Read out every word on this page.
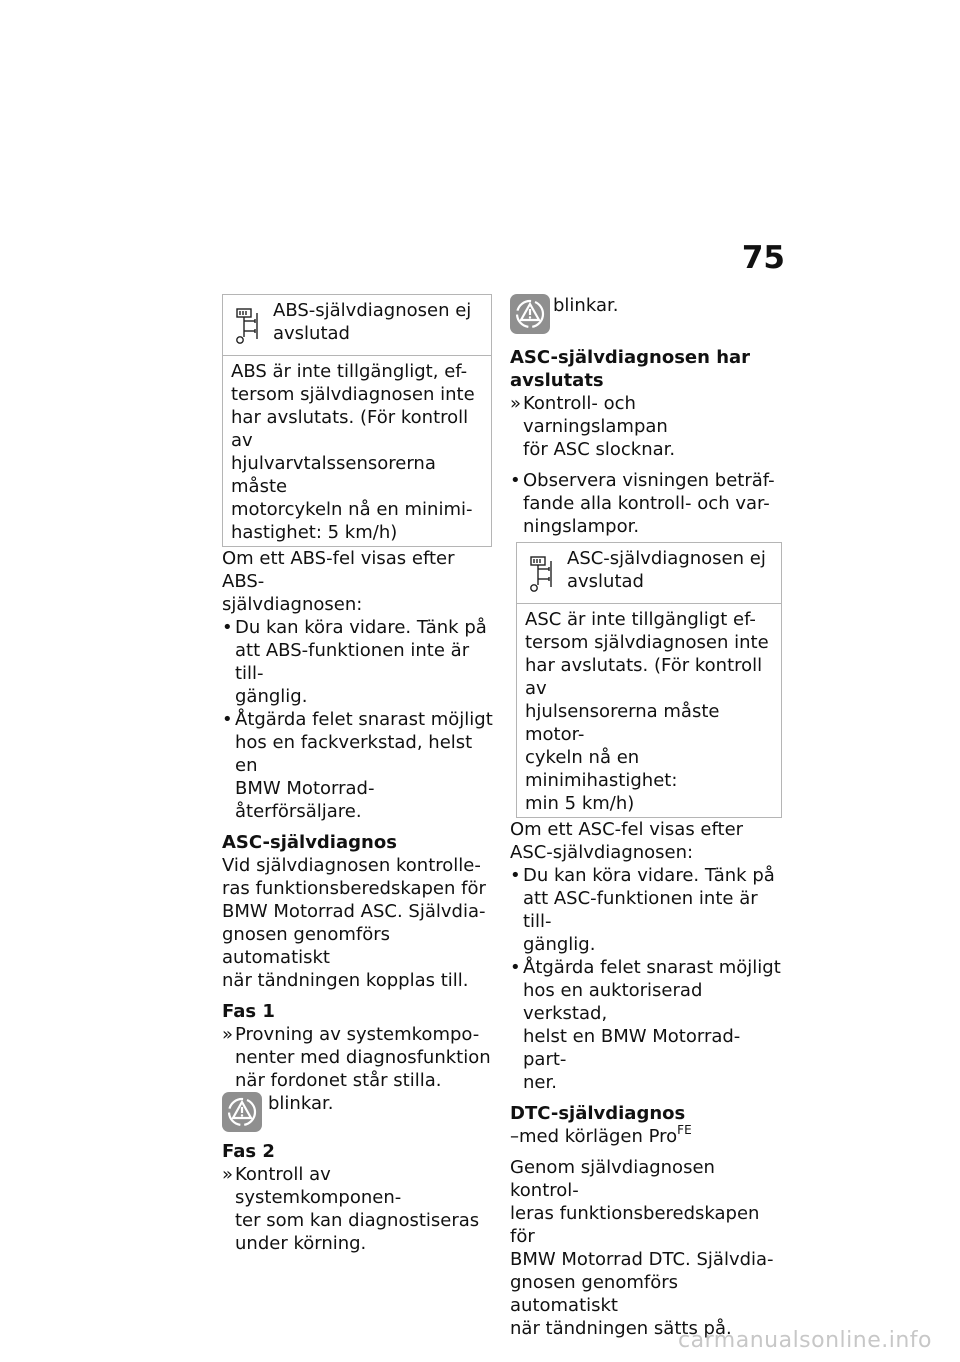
75

ABS-självdiagnosen ej

avslutad

ABS är inte tillgängligt, ef-

tersom självdiagnosen inte

har avslutats. (För kontroll av

hjulvarvtalssensorerna måste

motorcykeln nå en minimi-

hastighet: 5 km/h)

Om ett ABS-fel visas efter ABS-

självdiagnosen:

• Du kan köra vidare. Tänk på

att ABS-funktionen inte är till-

gänglig.

• Åtgärda felet snarast möjligt

hos en fackverkstad, helst en

BMW Motorrad-återförsäljare.

ASC-självdiagnos

Vid självdiagnosen kontrolle-

ras funktionsberedskapen för

BMW Motorrad ASC. Självdia-

gnosen genomförs automatiskt

när tändningen kopplas till.

Fas 1
» Provning av systemkompo-

nenter med diagnosfunktion

när fordonet står stilla.

blinkar.

Fas 2
» Kontroll av systemkomponen-

ter som kan diagnostiseras

under körning.

blinkar.

ASC-självdiagnosen har
avslutats
» Kontroll- och varningslampan

för ASC slocknar.

• Observera visningen beträf-

fande alla kontroll- och var-

ningslampor.

ASC-självdiagnosen ej

avslutad

ASC är inte tillgängligt ef-

tersom självdiagnosen inte

har avslutats. (För kontroll av

hjulsensorerna måste motor-

cykeln nå en minimihastighet:

min 5 km/h)

Om ett ASC-fel visas efter

ASC-självdiagnosen:

• Du kan köra vidare. Tänk på

att ASC-funktionen inte är till-

gänglig.

• Åtgärda felet snarast möjligt

hos en auktoriserad verkstad,

helst en BMW Motorrad-part-

ner.

DTC-självdiagnos

–med körlägen Pro$^{FE}$

Genom självdiagnosen kontrol-

leras funktionsberedskapen för

BMW Motorrad DTC. Självdia-

gnosen genomförs automatiskt

när tändningen sätts på.

carmanualsonline.info
